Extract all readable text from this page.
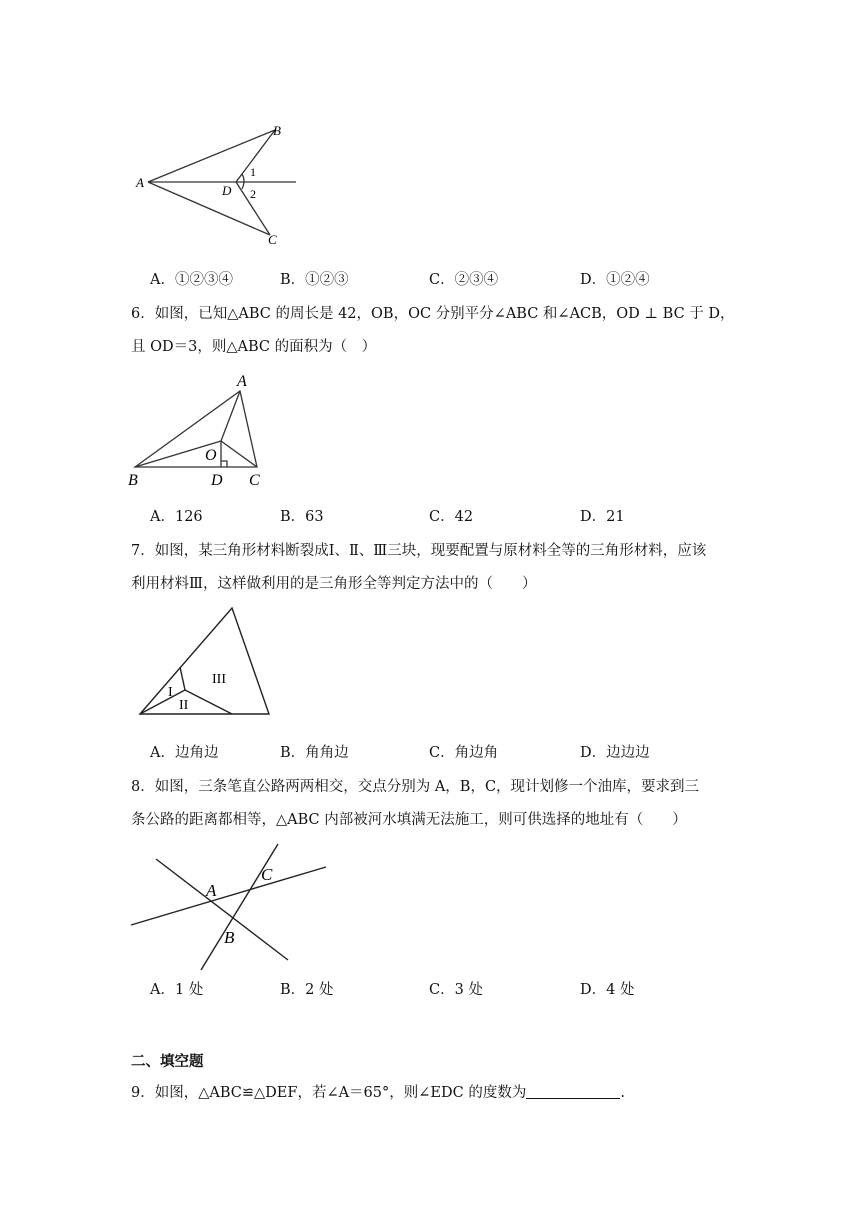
A
B
C
D
1
2
A．①②③④	B．①②③	C．②③④	D．①②④
6．如图，已知△ABC 的周长是 42，OB，OC 分别平分∠ABC 和∠ACB，OD ⊥ BC 于 D，
且 OD＝3，则△ABC 的面积为（　）
A
B	C
D
O
A．126	B．63	C．42	D．21
7．如图，某三角形材料断裂成Ⅰ、Ⅱ、Ⅲ三块，现要配置与原材料全等的三角形材料，应该
利用材料Ⅲ，这样做利用的是三角形全等判定方法中的（　　）
I
II
III
A．边角边	B．角角边	C．角边角	D．边边边
8．如图，三条笔直公路两两相交，交点分别为 A，B，C，现计划修一个油库，要求到三
条公路的距离都相等，△ABC 内部被河水填满无法施工，则可供选择的地址有（　　）
A
C
B
A．1 处	B．2 处	C．3 处	D．4 处
二、填空题
9．如图，△ABC≌△DEF，若∠A＝65°，则∠EDC 的度数为	.
